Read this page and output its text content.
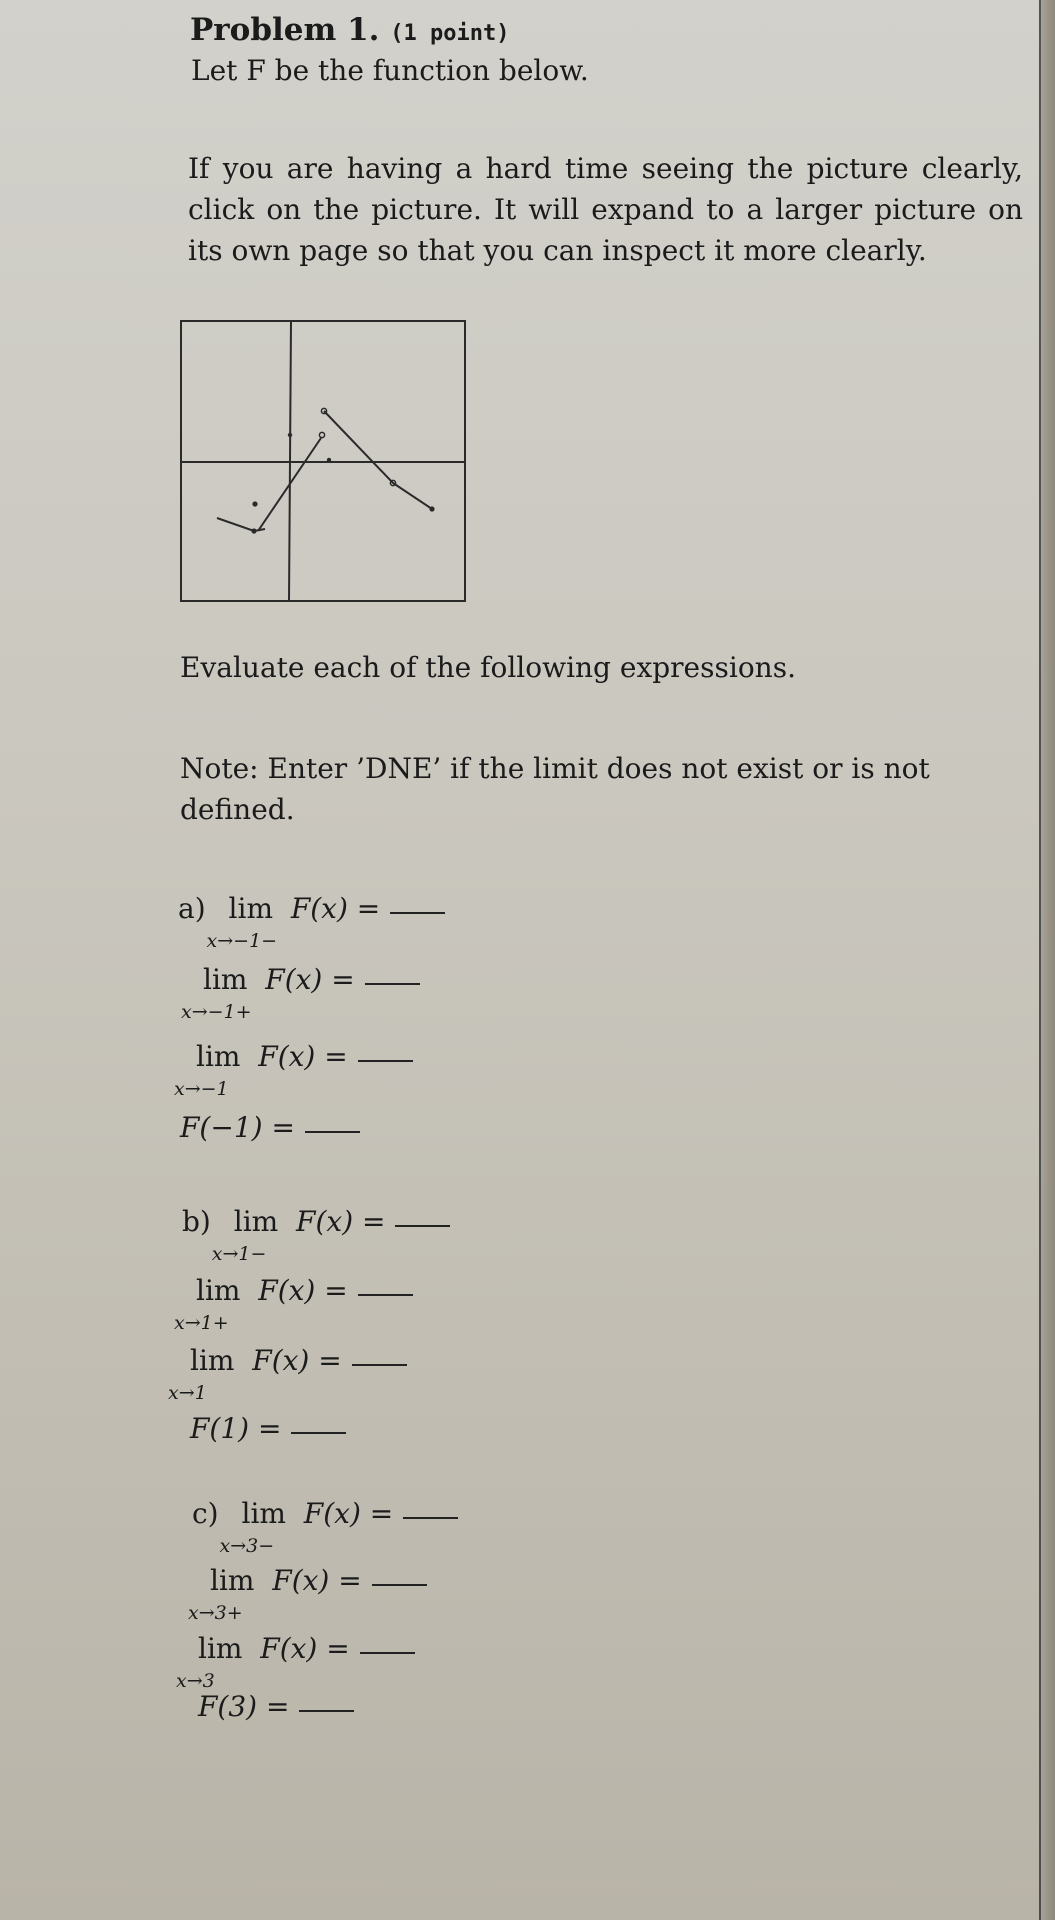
Problem 1. (1 point)
Let F be the function below.
If you are having a hard time seeing the picture clearly, click on the picture. It will expand to a larger picture on its own page so that you can inspect it more clearly.
Evaluate each of the following expressions.
Note: Enter ’DNE’ if the limit does not exist or is not defined.
a) lim
x→−1−
F(x) =
lim
x→−1+
F(x) =
lim
x→−1
F(x) =
F(−1) =
b) lim
x→1−
F(x) =
lim
x→1+
F(x) =
lim
x→1
F(x) =
F(1) =
c) lim
x→3−
F(x) =
lim
x→3+
F(x) =
lim
x→3
F(x) =
F(3) =
